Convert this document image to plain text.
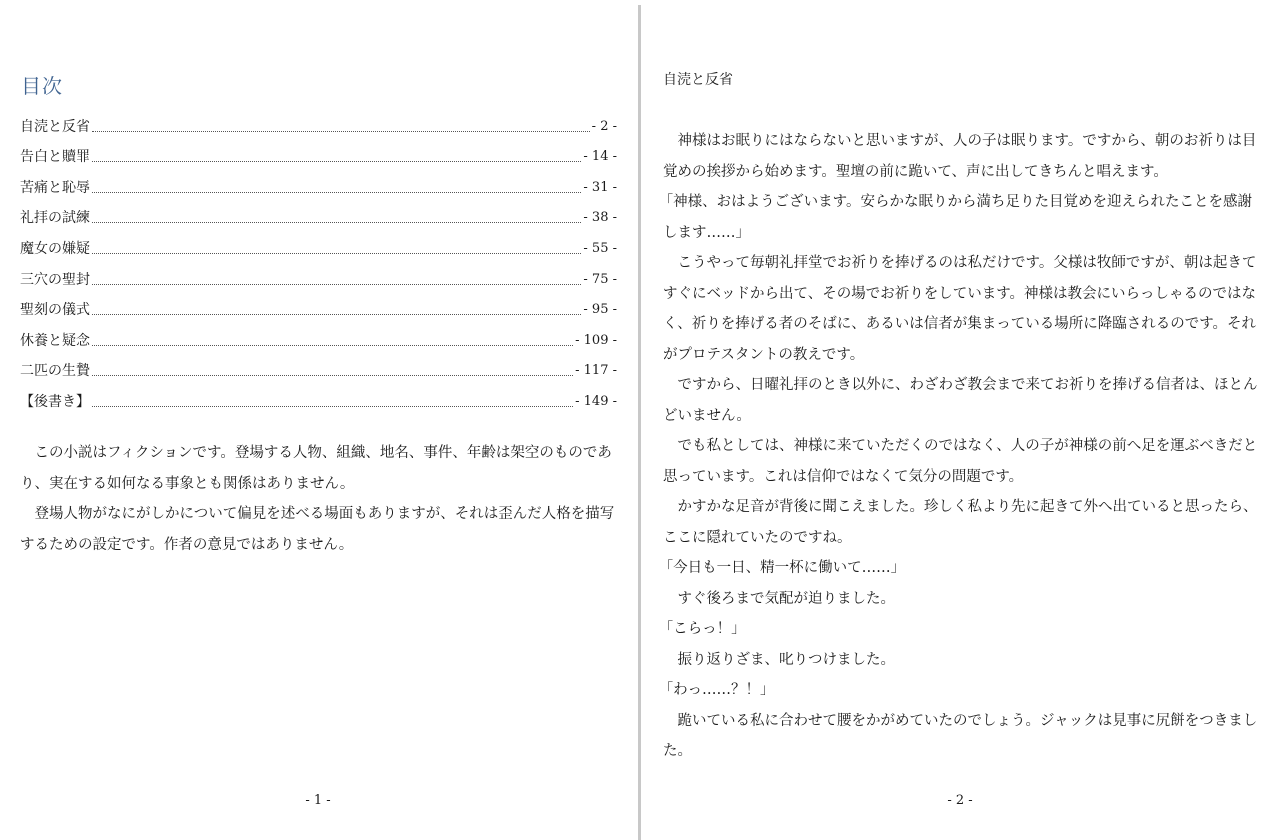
目次
自涜と反省	- 2 -
告白と贖罪	- 14 -
苦痛と恥辱	- 31 -
礼拝の試練	- 38 -
魔女の嫌疑	- 55 -
三穴の聖封	- 75 -
聖刻の儀式	- 95 -
休養と疑念	- 109 -
二匹の生贄	- 117 -
【後書き】	- 149 -

この小説はフィクションです。登場する人物、組織、地名、事件、年齢は架空のものであり、実在する如何なる事象とも関係はありません。

登場人物がなにがしかについて偏見を述べる場面もありますが、それは歪んだ人格を描写するための設定です。作者の意見ではありません。

- 1 -
自涜と反省

神様はお眠りにはならないと思いますが、人の子は眠ります。ですから、朝のお祈りは目覚めの挨拶から始めます。聖壇の前に跪いて、声に出してきちんと唱えます。

「神様、おはようございます。安らかな眠りから満ち足りた目覚めを迎えられたことを感謝します……」

こうやって毎朝礼拝堂でお祈りを捧げるのは私だけです。父様は牧師ですが、朝は起きてすぐにベッドから出て、その場でお祈りをしています。神様は教会にいらっしゃるのではなく、祈りを捧げる者のそばに、あるいは信者が集まっている場所に降臨されるのです。それがプロテスタントの教えです。

ですから、日曜礼拝のとき以外に、わざわざ教会まで来てお祈りを捧げる信者は、ほとんどいません。

でも私としては、神様に来ていただくのではなく、人の子が神様の前へ足を運ぶべきだと思っています。これは信仰ではなくて気分の問題です。

かすかな足音が背後に聞こえました。珍しく私より先に起きて外へ出ていると思ったら、ここに隠れていたのですね。

「今日も一日、精一杯に働いて……」

すぐ後ろまで気配が迫りました。

「こらっ！」

振り返りざま、叱りつけました。

「わっ……？！」

跪いている私に合わせて腰をかがめていたのでしょう。ジャックは見事に尻餅をつきました。

- 2 -
